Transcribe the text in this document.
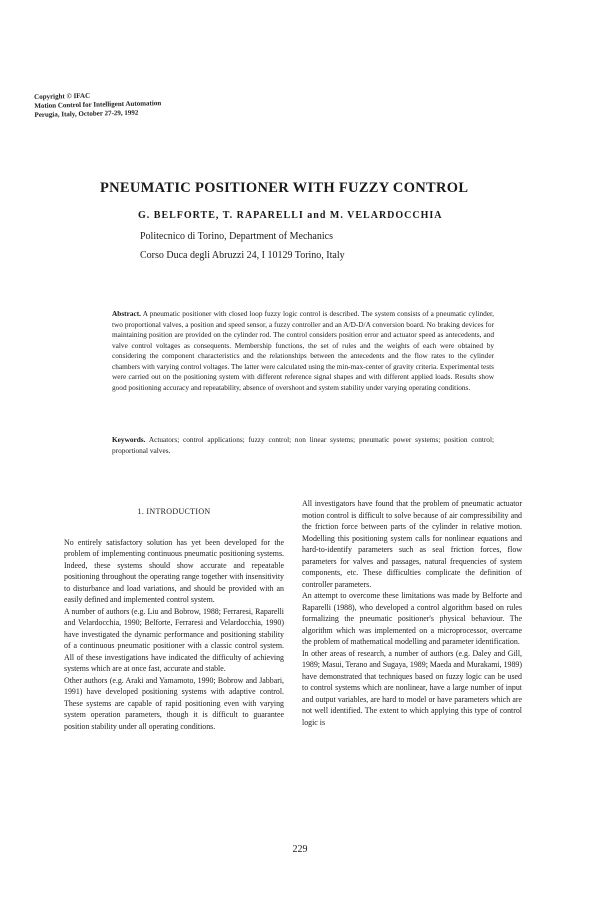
Copyright © IFAC
Motion Control for Intelligent Automation
Perugia, Italy, October 27-29, 1992
PNEUMATIC POSITIONER WITH FUZZY CONTROL
G. BELFORTE, T. RAPARELLI and M. VELARDOCCHIA
Politecnico di Torino, Department of Mechanics
Corso Duca degli Abruzzi 24, I 10129 Torino, Italy
Abstract. A pneumatic positioner with closed loop fuzzy logic control is described. The system consists of a pneumatic cylinder, two proportional valves, a position and speed sensor, a fuzzy controller and an A/D-D/A conversion board. No braking devices for maintaining position are provided on the cylinder rod. The control considers position error and actuator speed as antecedents, and valve control voltages as consequents. Membership functions, the set of rules and the weights of each were obtained by considering the component characteristics and the relationships between the antecedents and the flow rates to the cylinder chambers with varying control voltages. The latter were calculated using the min-max-center of gravity criteria. Experimental tests were carried out on the positioning system with different reference signal shapes and with different applied loads. Results show good positioning accuracy and repeatability, absence of overshoot and system stability under varying operating conditions.
Keywords. Actuators; control applications; fuzzy control; non linear systems; pneumatic power systems; position control; proportional valves.
1. INTRODUCTION

No entirely satisfactory solution has yet been developed for the problem of implementing continuous pneumatic positioning systems. Indeed, these systems should show accurate and repeatable positioning throughout the operating range together with insensitivity to disturbance and load variations, and should be provided with an easily defined and implemented control system.

A number of authors (e.g. Liu and Bobrow, 1988; Ferraresi, Raparelli and Velardocchia, 1990; Belforte, Ferraresi and Velardocchia, 1990) have investigated the dynamic performance and positioning stability of a continuous pneumatic positioner with a classic control system. All of these investigations have indicated the difficulty of achieving systems which are at once fast, accurate and stable.

Other authors (e.g. Araki and Yamamoto, 1990; Bobrow and Jabbari, 1991) have developed positioning systems with adaptive control. These systems are capable of rapid positioning even with varying system operation parameters, though it is difficult to guarantee position stability under all operating conditions.

All investigators have found that the problem of pneumatic actuator motion control is difficult to solve because of air compressibility and the friction force between parts of the cylinder in relative motion. Modelling this positioning system calls for nonlinear equations and hard-to-identify parameters such as seal friction forces, flow parameters for valves and passages, natural frequencies of system components, etc. These difficulties complicate the definition of controller parameters.

An attempt to overcome these limitations was made by Belforte and Raparelli (1988), who developed a control algorithm based on rules formalizing the pneumatic positioner's physical behaviour. The algorithm which was implemented on a microprocessor, overcame the problem of mathematical modelling and parameter identification.

In other areas of research, a number of authors (e.g. Daley and Gill, 1989; Masui, Terano and Sugaya, 1989; Maeda and Murakami, 1989) have demonstrated that techniques based on fuzzy logic can be used to control systems which are nonlinear, have a large number of input and output variables, are hard to model or have parameters which are not well identified. The extent to which applying this type of control logic is

229
